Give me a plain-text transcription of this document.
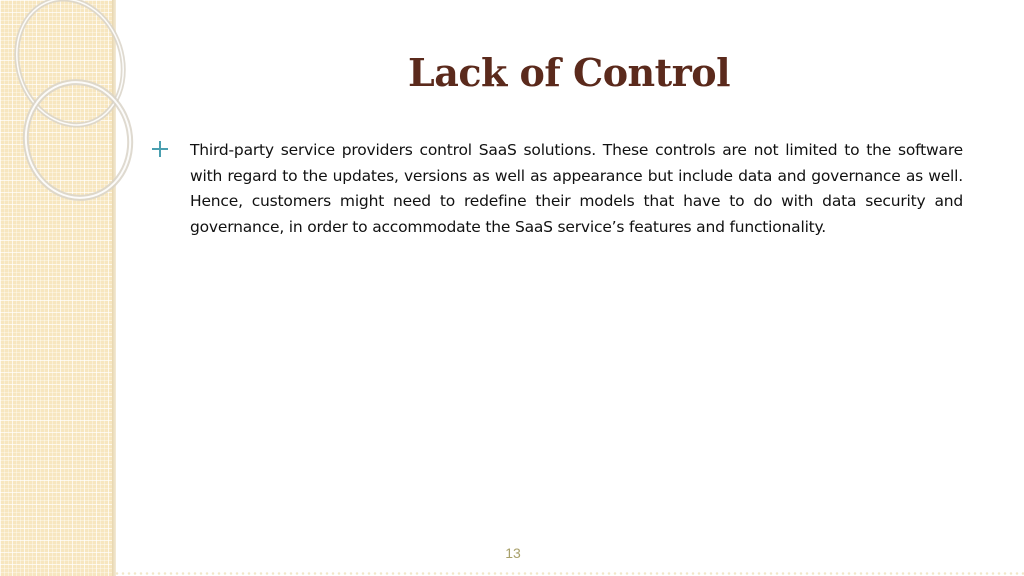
Lack of Control

Third-party service providers control SaaS solutions. These controls are not limited to the software with regard to the updates, versions as well as appearance but include data and governance as well. Hence, customers might need to redefine their models that have to do with data security and governance, in order to accommodate the SaaS service’s features and functionality.

13
